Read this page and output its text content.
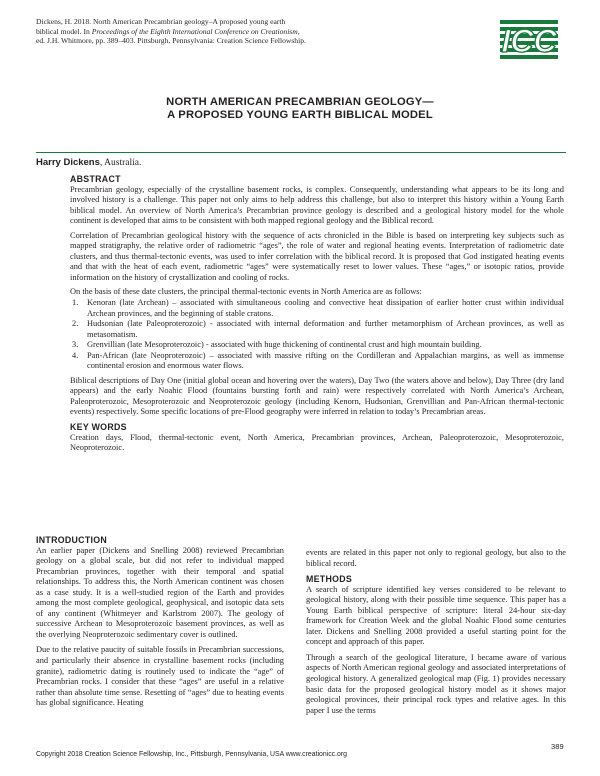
Dickens, H. 2018. North American Precambrian geology–A proposed young earth biblical model. In Proceedings of the Eighth International Conference on Creationism, ed. J.H. Whitmore, pp. 389–403. Pittsburgh, Pennsylvania: Creation Science Fellowship.	ICC
NORTH AMERICAN PRECAMBRIAN GEOLOGY—
A PROPOSED YOUNG EARTH BIBLICAL MODEL
Harry Dickens, Australia.
ABSTRACT

Precambrian geology, especially of the crystalline basement rocks, is complex. Consequently, understanding what appears to be its long and involved history is a challenge. This paper not only aims to help address this challenge, but also to interpret this history within a Young Earth biblical model. An overview of North America’s Precambrian province geology is described and a geological history model for the whole continent is developed that aims to be consistent with both mapped regional geology and the Biblical record.

Correlation of Precambrian geological history with the sequence of acts chronicled in the Bible is based on interpreting key subjects such as mapped stratigraphy, the relative order of radiometric “ages”, the role of water and regional heating events. Interpretation of radiometric date clusters, and thus thermal-tectonic events, was used to infer correlation with the biblical record. It is proposed that God instigated heating events and that with the heat of each event, radiometric “ages” were systematically reset to lower values. These “ages,” or isotopic ratios, provide information on the history of crystallization and cooling of rocks.

On the basis of these date clusters, the principal thermal-tectonic events in North America are as follows:

1. Kenoran (late Archean) – associated with simultaneous cooling and convective heat dissipation of earlier hotter crust within individual Archean provinces, and the beginning of stable cratons.
2. Hudsonian (late Paleoproterozoic) - associated with internal deformation and further metamorphism of Archean provinces, as well as metasomatism.
3. Grenvillian (late Mesoproterozoic) - associated with huge thickening of continental crust and high mountain building.
4. Pan-African (late Neoproterozoic) – associated with massive rifting on the Cordilleran and Appalachian margins, as well as immense continental erosion and enormous water flows.

Biblical descriptions of Day One (initial global ocean and hovering over the waters), Day Two (the waters above and below), Day Three (dry land appears) and the early Noahic Flood (fountains bursting forth and rain) were respectively correlated with North America’s Archean, Paleoproterozoic, Mesoproterozoic and Neoproterozoic geology (including Kenorn, Hudsonian, Grenvillian and Pan-African thermal-tectonic events) respectively. Some specific locations of pre-Flood geography were inferred in relation to today’s Precambrian areas.

KEY WORDS

Creation days, Flood, thermal-tectonic event, North America, Precambrian provinces, Archean, Paleoproterozoic, Mesoproterozoic, Neoproterozoic.

INTRODUCTION

An earlier paper (Dickens and Snelling 2008) reviewed Precambrian geology on a global scale, but did not refer to individual mapped Precambrian provinces, together with their temporal and spatial relationships. To address this, the North American continent was chosen as a case study. It is a well-studied region of the Earth and provides among the most complete geological, geophysical, and isotopic data sets of any continent (Whitmeyer and Karlstrom 2007). The geology of successive Archean to Mesoproterozoic basement provinces, as well as the overlying Neoproterozoic sedimentary cover is outlined.

Due to the relative paucity of suitable fossils in Precambrian successions, and particularly their absence in crystalline basement rocks (including granite), radiometric dating is routinely used to indicate the “age” of Precambrian rocks. I consider that these “ages” are useful in a relative rather than absolute time sense. Resetting of “ages” due to heating events has global significance. Heating

events are related in this paper not only to regional geology, but also to the biblical record.

METHODS

A search of scripture identified key verses considered to be relevant to geological history, along with their possible time sequence. This paper has a Young Earth biblical perspective of scripture: literal 24-hour six-day framework for Creation Week and the global Noahic Flood some centuries later. Dickens and Snelling 2008 provided a useful starting point for the concept and approach of this paper.

Through a search of the geological literature, I became aware of various aspects of North American regional geology and associated interpretations of geological history. A generalized geological map (Fig. 1) provides necessary basic data for the proposed geological history model as it shows major geological provinces, their principal rock types and relative ages. In this paper I use the terms

Copyright 2018 Creation Science Fellowship, Inc., Pittsburgh, Pennsylvania, USA www.creationicc.org
389
